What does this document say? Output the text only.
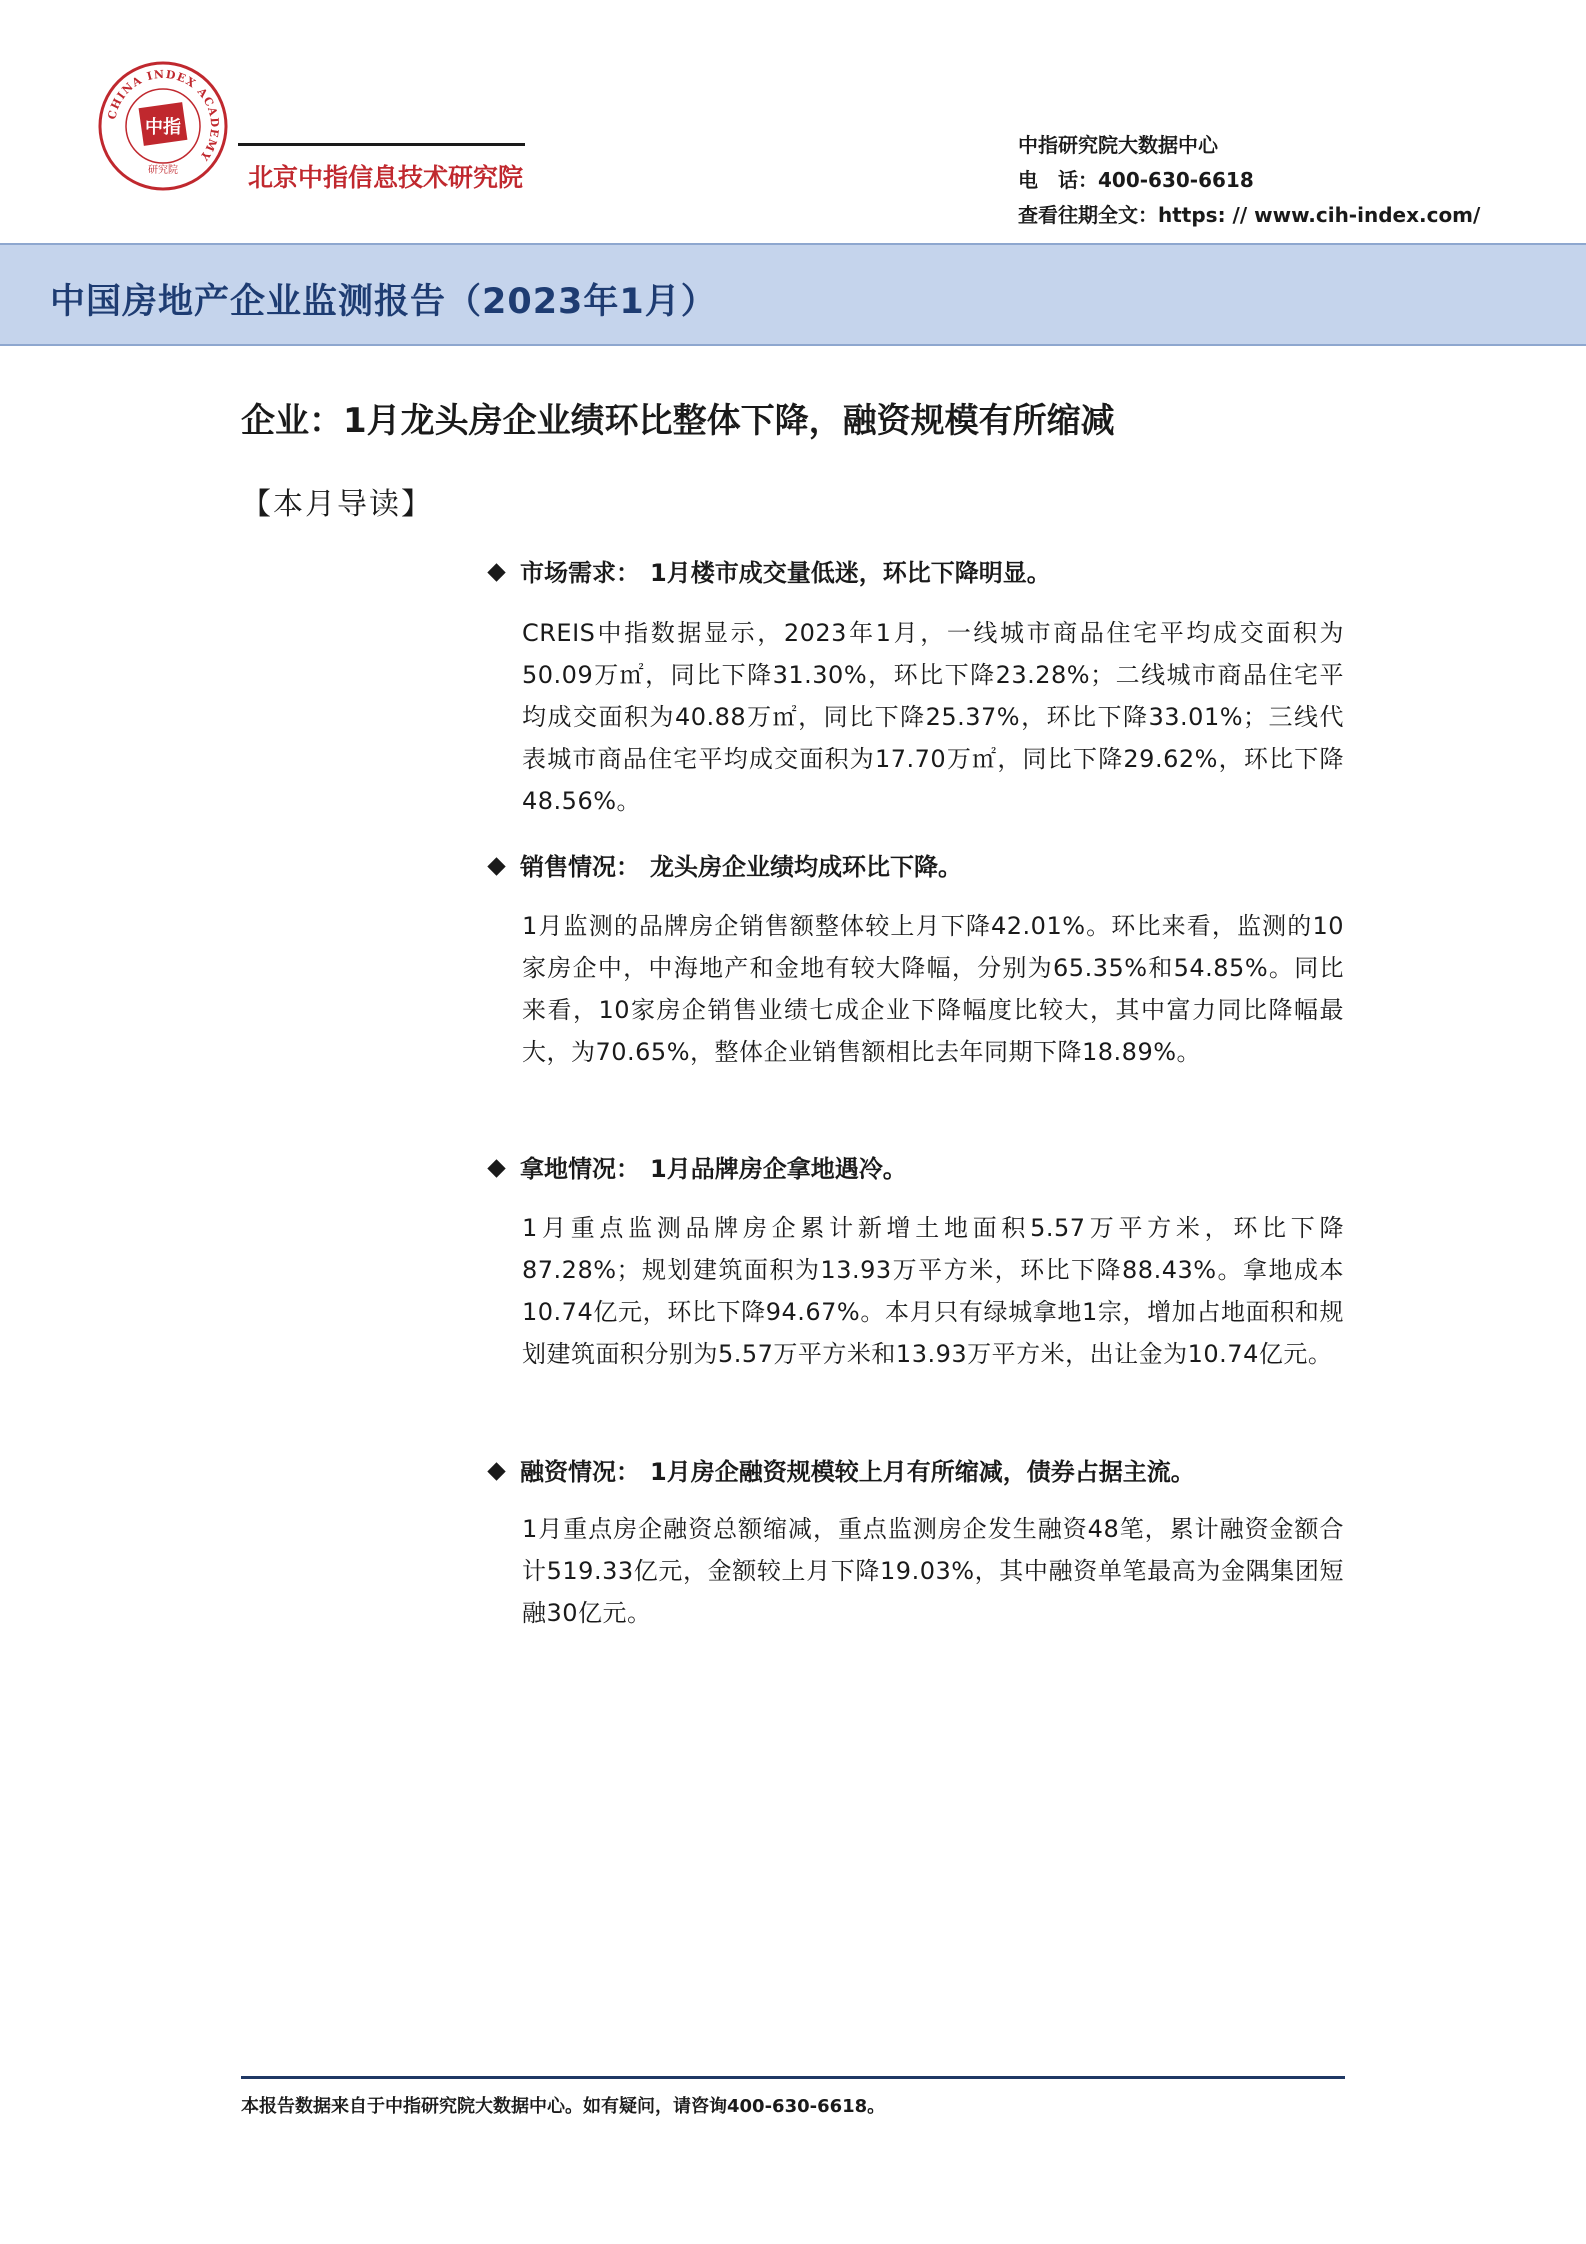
CHINA INDEX ACADEMY
中指
研究院	北京中指信息技术研究院
中指研究院大数据中心
电　话：400-630-6618
查看往期全文：https: // www.cih-index.com/
中国房地产企业监测报告（2023年1月）
企业：1月龙头房企业绩环比整体下降，融资规模有所缩减
【本月导读】
市场需求： 1月楼市成交量低迷，环比下降明显。
CREIS中指数据显示，2023年1月，一线城市商品住宅平均成交面积为50.09万㎡，同比下降31.30%，环比下降23.28%；二线城市商品住宅平均成交面积为40.88万㎡，同比下降25.37%，环比下降33.01%；三线代表城市商品住宅平均成交面积为17.70万㎡，同比下降29.62%，环比下降48.56%。
销售情况： 龙头房企业绩均成环比下降。
1月监测的品牌房企销售额整体较上月下降42.01%。环比来看，监测的10家房企中，中海地产和金地有较大降幅，分别为65.35%和54.85%。同比来看，10家房企销售业绩七成企业下降幅度比较大，其中富力同比降幅最大，为70.65%，整体企业销售额相比去年同期下降18.89%。
拿地情况： 1月品牌房企拿地遇冷。
1月重点监测品牌房企累计新增土地面积5.57万平方米，环比下降87.28%；规划建筑面积为13.93万平方米，环比下降88.43%。拿地成本10.74亿元，环比下降94.67%。本月只有绿城拿地1宗，增加占地面积和规划建筑面积分别为5.57万平方米和13.93万平方米，出让金为10.74亿元。
融资情况： 1月房企融资规模较上月有所缩减，债券占据主流。
1月重点房企融资总额缩减，重点监测房企发生融资48笔，累计融资金额合计519.33亿元，金额较上月下降19.03%，其中融资单笔最高为金隅集团短融30亿元。
本报告数据来自于中指研究院大数据中心。如有疑问，请咨询400-630-6618。
